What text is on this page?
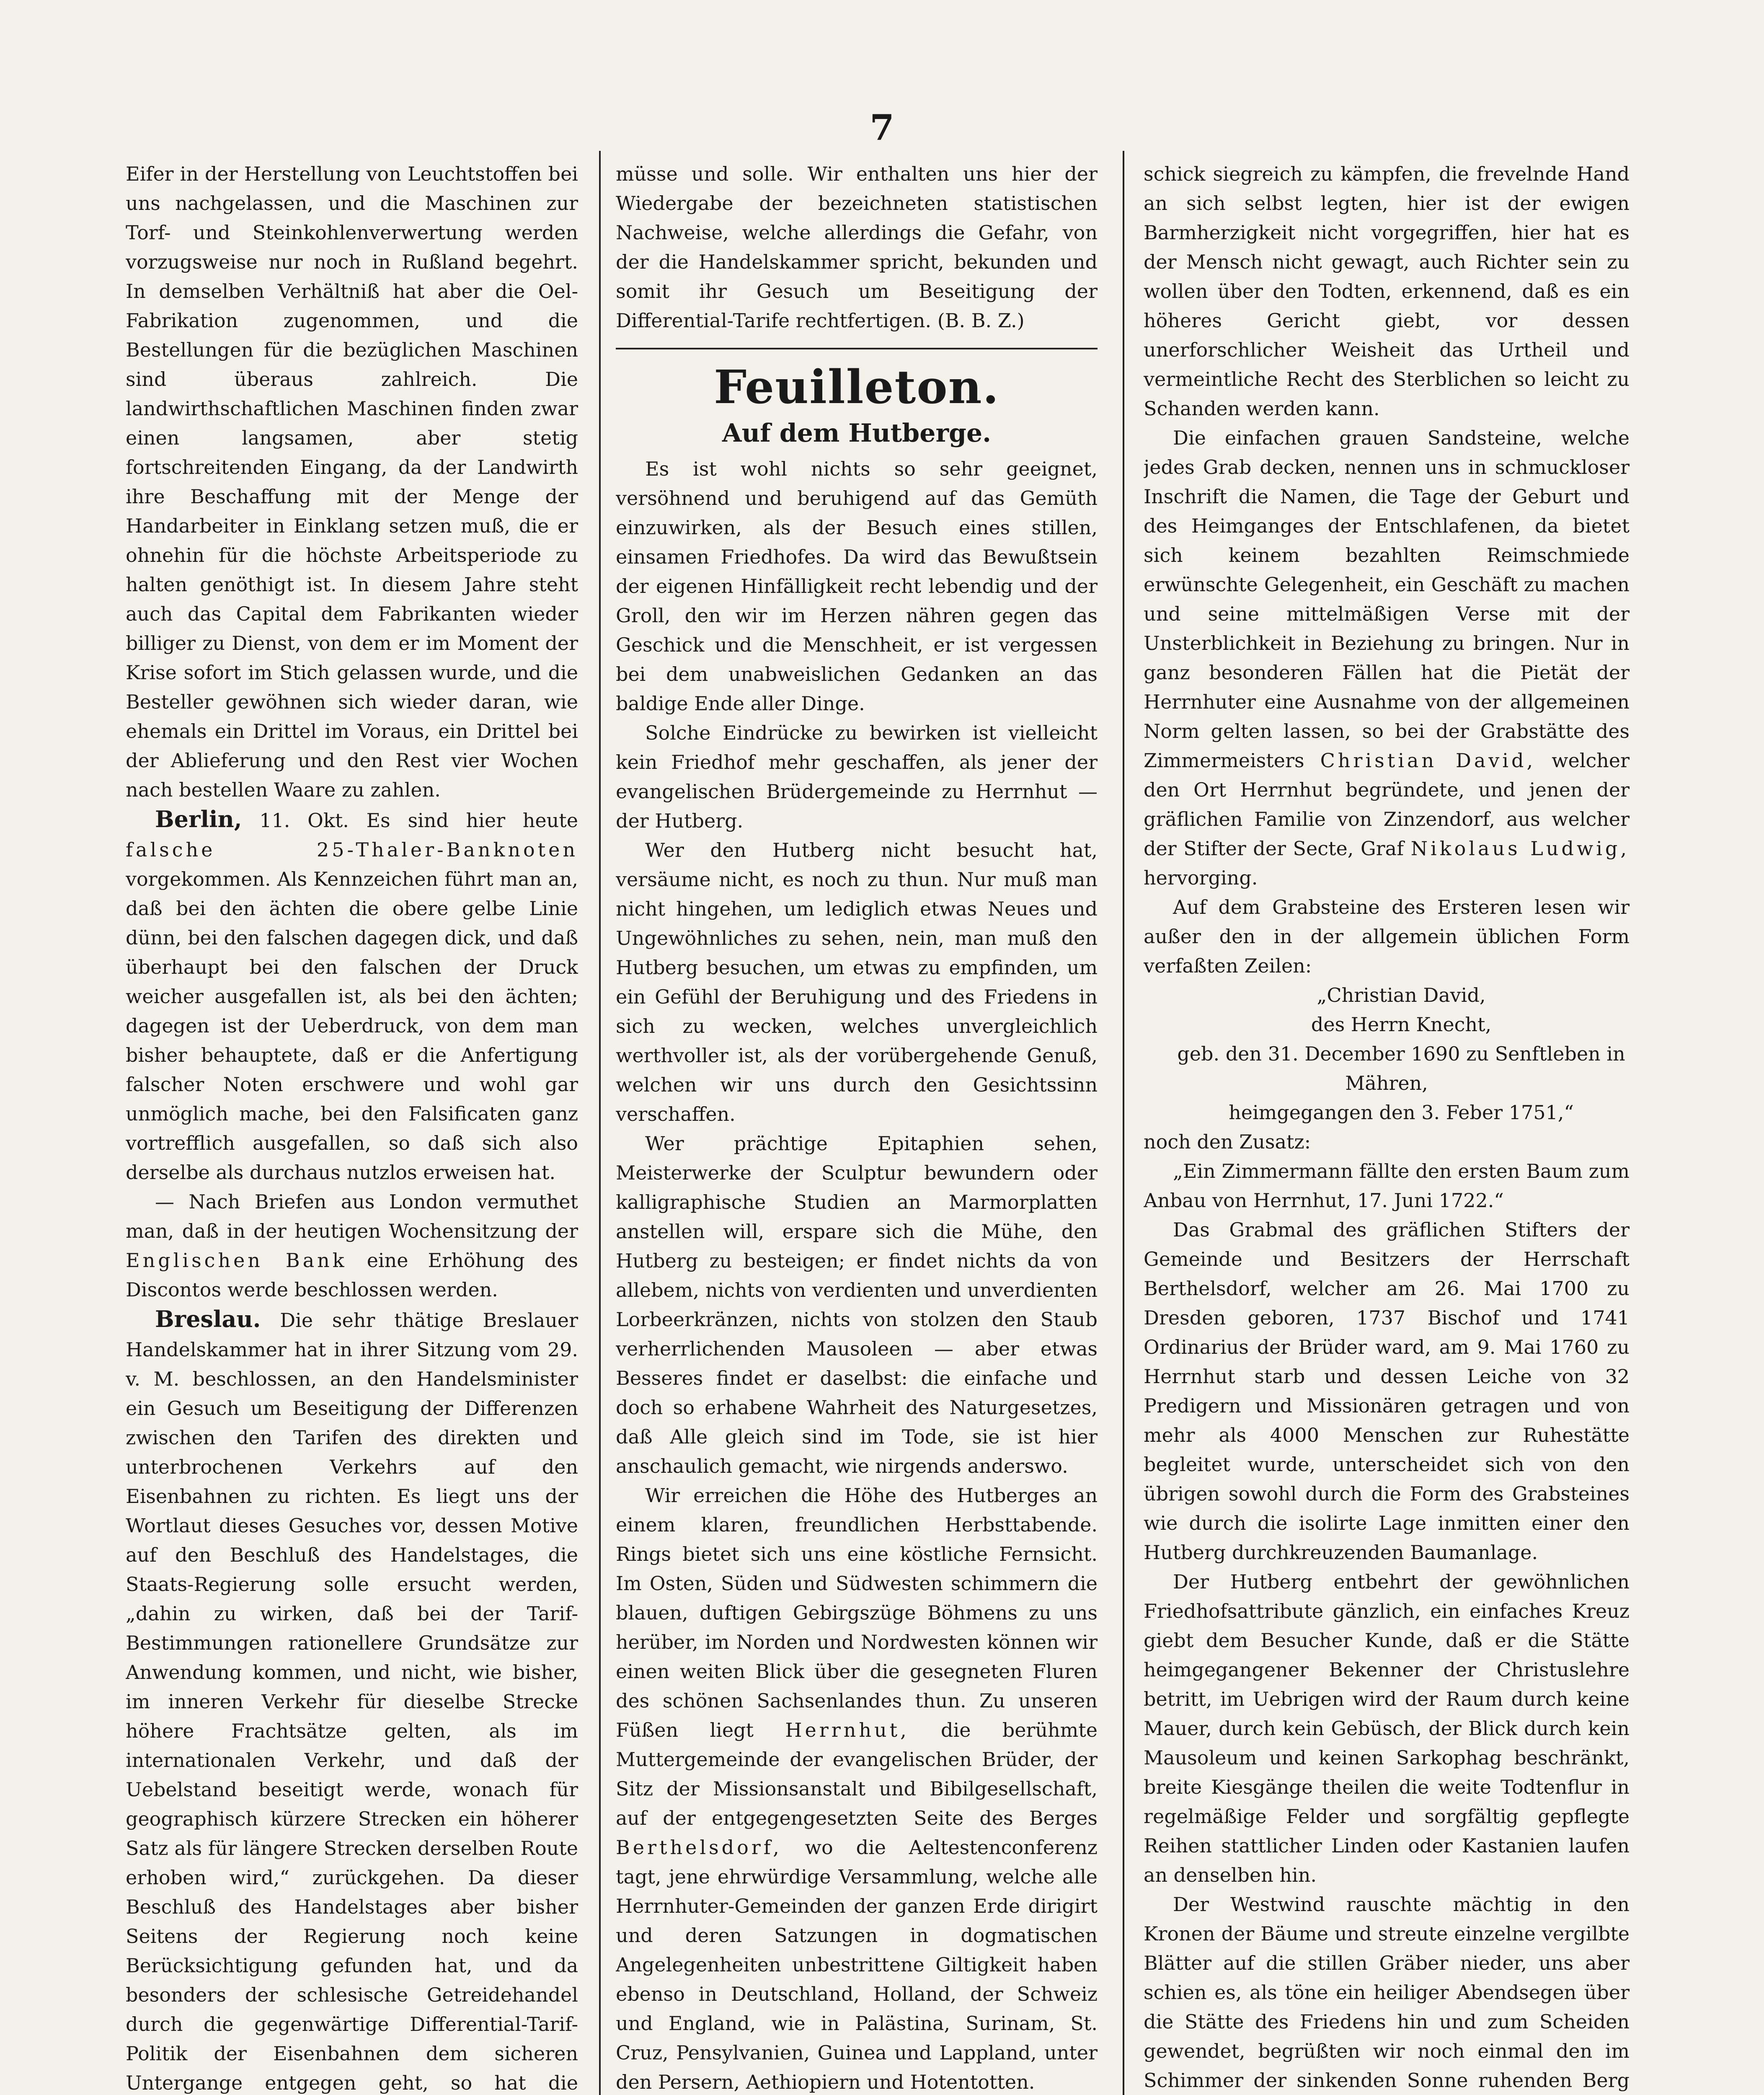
7

Eifer in der Herstellung von Leuchtstoffen bei uns nachgelassen, und die Maschinen zur Torf- und Steinkohlenverwertung werden vorzugsweise nur noch in Rußland begehrt. In demselben Verhältniß hat aber die Oel-Fabrikation zugenommen, und die Bestellungen für die bezüglichen Maschinen sind überaus zahlreich. Die landwirthschaftlichen Maschinen finden zwar einen langsamen, aber stetig fortschreitenden Eingang, da der Landwirth ihre Beschaffung mit der Menge der Handarbeiter in Einklang setzen muß, die er ohnehin für die höchste Arbeitsperiode zu halten genöthigt ist. In diesem Jahre steht auch das Capital dem Fabrikanten wieder billiger zu Dienst, von dem er im Moment der Krise sofort im Stich gelassen wurde, und die Besteller gewöhnen sich wieder daran, wie ehemals ein Drittel im Voraus, ein Drittel bei der Ablieferung und den Rest vier Wochen nach bestellen Waare zu zahlen.

Berlin, 11. Okt. Es sind hier heute falsche 25-Thaler-Banknoten vorgekommen. Als Kennzeichen führt man an, daß bei den ächten die obere gelbe Linie dünn, bei den falschen dagegen dick, und daß überhaupt bei den falschen der Druck weicher ausgefallen ist, als bei den ächten; dagegen ist der Ueberdruck, von dem man bisher behauptete, daß er die Anfertigung falscher Noten erschwere und wohl gar unmöglich mache, bei den Falsificaten ganz vortrefflich ausgefallen, so daß sich also derselbe als durchaus nutzlos erweisen hat.

— Nach Briefen aus London vermuthet man, daß in der heutigen Wochensitzung der Englischen Bank eine Erhöhung des Discontos werde beschlossen werden.

Breslau. Die sehr thätige Breslauer Handelskammer hat in ihrer Sitzung vom 29. v. M. beschlossen, an den Handelsminister ein Gesuch um Beseitigung der Differenzen zwischen den Tarifen des direkten und unterbrochenen Verkehrs auf den Eisenbahnen zu richten. Es liegt uns der Wortlaut dieses Gesuches vor, dessen Motive auf den Beschluß des Handelstages, die Staats-Regierung solle ersucht werden, „dahin zu wirken, daß bei der Tarif-Bestimmungen rationellere Grundsätze zur Anwendung kommen, und nicht, wie bisher, im inneren Verkehr für dieselbe Strecke höhere Frachtsätze gelten, als im internationalen Verkehr, und daß der Uebelstand beseitigt werde, wonach für geographisch kürzere Strecken ein höherer Satz als für längere Strecken derselben Route erhoben wird,“ zurückgehen. Da dieser Beschluß des Handelstages aber bisher Seitens der Regierung noch keine Berücksichtigung gefunden hat, und da besonders der schlesische Getreidehandel durch die gegenwärtige Differential-Tarif-Politik der Eisenbahnen dem sicheren Untergange entgegen geht, so hat die

müsse und solle. Wir enthalten uns hier der Wiedergabe der bezeichneten statistischen Nachweise, welche allerdings die Gefahr, von der die Handelskammer spricht, bekunden und somit ihr Gesuch um Beseitigung der Differential-Tarife rechtfertigen. (B. B. Z.)

Feuilleton.
Auf dem Hutberge.

Es ist wohl nichts so sehr geeignet, versöhnend und beruhigend auf das Gemüth einzuwirken, als der Besuch eines stillen, einsamen Friedhofes. Da wird das Bewußtsein der eigenen Hinfälligkeit recht lebendig und der Groll, den wir im Herzen nähren gegen das Geschick und die Menschheit, er ist vergessen bei dem unabweislichen Gedanken an das baldige Ende aller Dinge.

Solche Eindrücke zu bewirken ist vielleicht kein Friedhof mehr geschaffen, als jener der evangelischen Brüdergemeinde zu Herrnhut — der Hutberg.

Wer den Hutberg nicht besucht hat, versäume nicht, es noch zu thun. Nur muß man nicht hingehen, um lediglich etwas Neues und Ungewöhnliches zu sehen, nein, man muß den Hutberg besuchen, um etwas zu empfinden, um ein Gefühl der Beruhigung und des Friedens in sich zu wecken, welches unvergleichlich werthvoller ist, als der vorübergehende Genuß, welchen wir uns durch den Gesichtssinn verschaffen.

Wer prächtige Epitaphien sehen, Meisterwerke der Sculptur bewundern oder kalligraphische Studien an Marmorplatten anstellen will, erspare sich die Mühe, den Hutberg zu besteigen; er findet nichts da von allebem, nichts von verdienten und unverdienten Lorbeerkränzen, nichts von stolzen den Staub verherrlichenden Mausoleen — aber etwas Besseres findet er daselbst: die einfache und doch so erhabene Wahrheit des Naturgesetzes, daß Alle gleich sind im Tode, sie ist hier anschaulich gemacht, wie nirgends anderswo.

Wir erreichen die Höhe des Hutberges an einem klaren, freundlichen Herbsttabende. Rings bietet sich uns eine köstliche Fernsicht. Im Osten, Süden und Südwesten schimmern die blauen, duftigen Gebirgszüge Böhmens zu uns herüber, im Norden und Nordwesten können wir einen weiten Blick über die gesegneten Fluren des schönen Sachsenlandes thun. Zu unseren Füßen liegt Herrnhut, die berühmte Muttergemeinde der evangelischen Brüder, der Sitz der Missionsanstalt und Bibilgesellschaft, auf der entgegengesetzten Seite des Berges Berthelsdorf, wo die Aeltestenconferenz tagt, jene ehrwürdige Versammlung, welche alle Herrnhuter-Gemeinden der ganzen Erde dirigirt und deren Satzungen in dogmatischen Angelegenheiten unbestrittene Giltigkeit haben ebenso in Deutschland, Holland, der Schweiz und England, wie in Palästina, Surinam, St. Cruz, Pensylvanien, Guinea und Lappland, unter den Persern, Aethiopiern und Hotentotten.

schick siegreich zu kämpfen, die frevelnde Hand an sich selbst legten, hier ist der ewigen Barmherzigkeit nicht vorgegriffen, hier hat es der Mensch nicht gewagt, auch Richter sein zu wollen über den Todten, erkennend, daß es ein höheres Gericht giebt, vor dessen unerforschlicher Weisheit das Urtheil und vermeintliche Recht des Sterblichen so leicht zu Schanden werden kann.

Die einfachen grauen Sandsteine, welche jedes Grab decken, nennen uns in schmuckloser Inschrift die Namen, die Tage der Geburt und des Heimganges der Entschlafenen, da bietet sich keinem bezahlten Reimschmiede erwünschte Gelegenheit, ein Geschäft zu machen und seine mittelmäßigen Verse mit der Unsterblichkeit in Beziehung zu bringen. Nur in ganz besonderen Fällen hat die Pietät der Herrnhuter eine Ausnahme von der allgemeinen Norm gelten lassen, so bei der Grabstätte des Zimmermeisters Christian David, welcher den Ort Herrnhut begründete, und jenen der gräflichen Familie von Zinzendorf, aus welcher der Stifter der Secte, Graf Nikolaus Ludwig, hervorging.

Auf dem Grabsteine des Ersteren lesen wir außer den in der allgemein üblichen Form verfaßten Zeilen:

„Christian David,

des Herrn Knecht,

geb. den 31. December 1690 zu Senftleben in Mähren,

heimgegangen den 3. Feber 1751,“

noch den Zusatz:

„Ein Zimmermann fällte den ersten Baum zum Anbau von Herrnhut, 17. Juni 1722.“

Das Grabmal des gräflichen Stifters der Gemeinde und Besitzers der Herrschaft Berthelsdorf, welcher am 26. Mai 1700 zu Dresden geboren, 1737 Bischof und 1741 Ordinarius der Brüder ward, am 9. Mai 1760 zu Herrnhut starb und dessen Leiche von 32 Predigern und Missionären getragen und von mehr als 4000 Menschen zur Ruhestätte begleitet wurde, unterscheidet sich von den übrigen sowohl durch die Form des Grabsteines wie durch die isolirte Lage inmitten einer den Hutberg durchkreuzenden Baumanlage.

Der Hutberg entbehrt der gewöhnlichen Friedhofsattribute gänzlich, ein einfaches Kreuz giebt dem Besucher Kunde, daß er die Stätte heimgegangener Bekenner der Christuslehre betritt, im Uebrigen wird der Raum durch keine Mauer, durch kein Gebüsch, der Blick durch kein Mausoleum und keinen Sarkophag beschränkt, breite Kiesgänge theilen die weite Todtenflur in regelmäßige Felder und sorgfältig gepflegte Reihen stattlicher Linden oder Kastanien laufen an denselben hin.

Der Westwind rauschte mächtig in den Kronen der Bäume und streute einzelne vergilbte Blätter auf die stillen Gräber nieder, uns aber schien es, als töne ein heiliger Abendsegen über die Stätte des Friedens hin und zum Scheiden gewendet, begrüßten wir noch einmal den im Schimmer der sinkenden Sonne ruhenden Berg
